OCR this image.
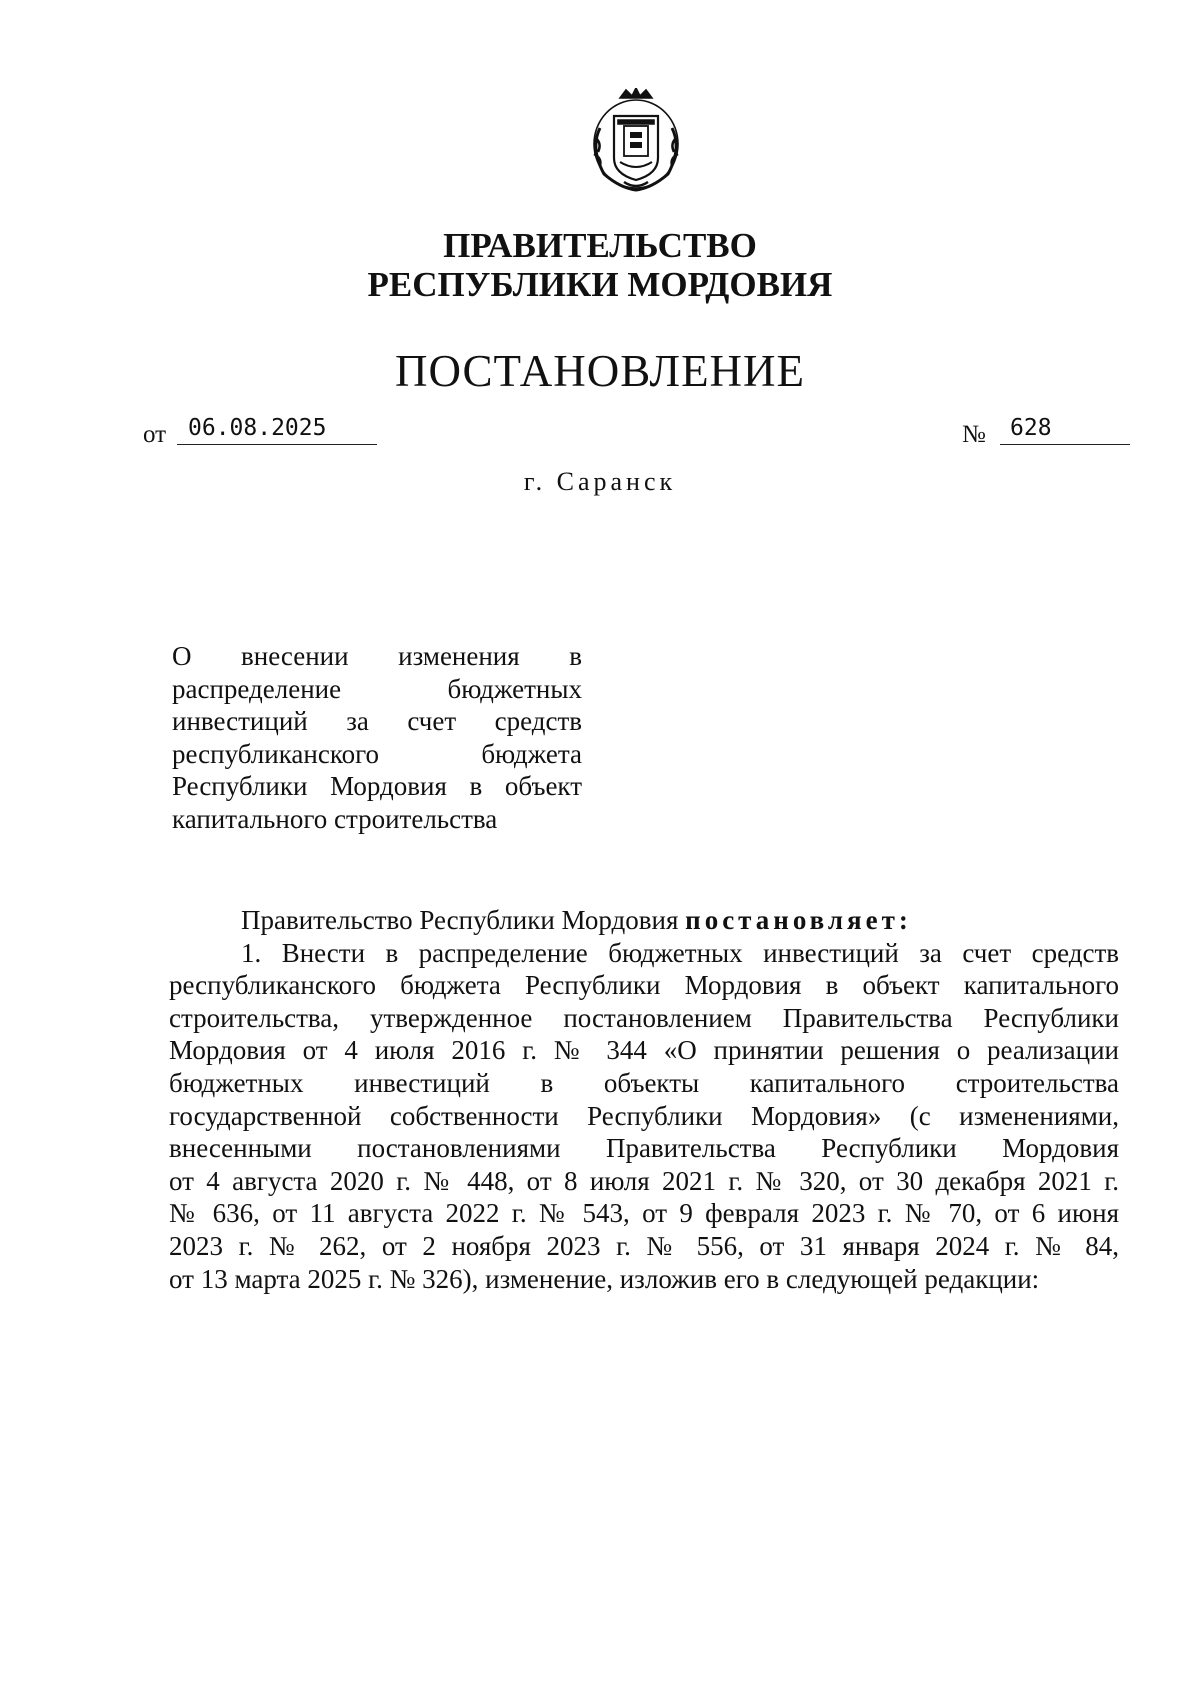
ПРАВИТЕЛЬСТВО
РЕСПУБЛИКИ МОРДОВИЯ
ПОСТАНОВЛЕНИЕ
от 06.08.2025	№ 628
г. Саранск
О внесении изменения в
распределение бюджетных
инвестиций за счет средств
республиканского бюджета
Республики Мордовия в объект
капитального строительства
Правительство Республики Мордовия постановляет:
1. Внести в распределение бюджетных инвестиций за счет средств
республиканского бюджета Республики Мордовия в объект капитального
строительства, утвержденное постановлением Правительства Республики
Мордовия от 4 июля 2016 г. № 344 «О принятии решения о реализации
бюджетных инвестиций в объекты капитального строительства
государственной собственности Республики Мордовия» (с изменениями,
внесенными постановлениями Правительства Республики Мордовия
от 4 августа 2020 г. № 448, от 8 июля 2021 г. № 320, от 30 декабря 2021 г.
№ 636, от 11 августа 2022 г. № 543, от 9 февраля 2023 г. № 70, от 6 июня
2023 г. № 262, от 2 ноября 2023 г. № 556, от 31 января 2024 г. № 84,
от 13 марта 2025 г. № 326), изменение, изложив его в следующей редакции:
